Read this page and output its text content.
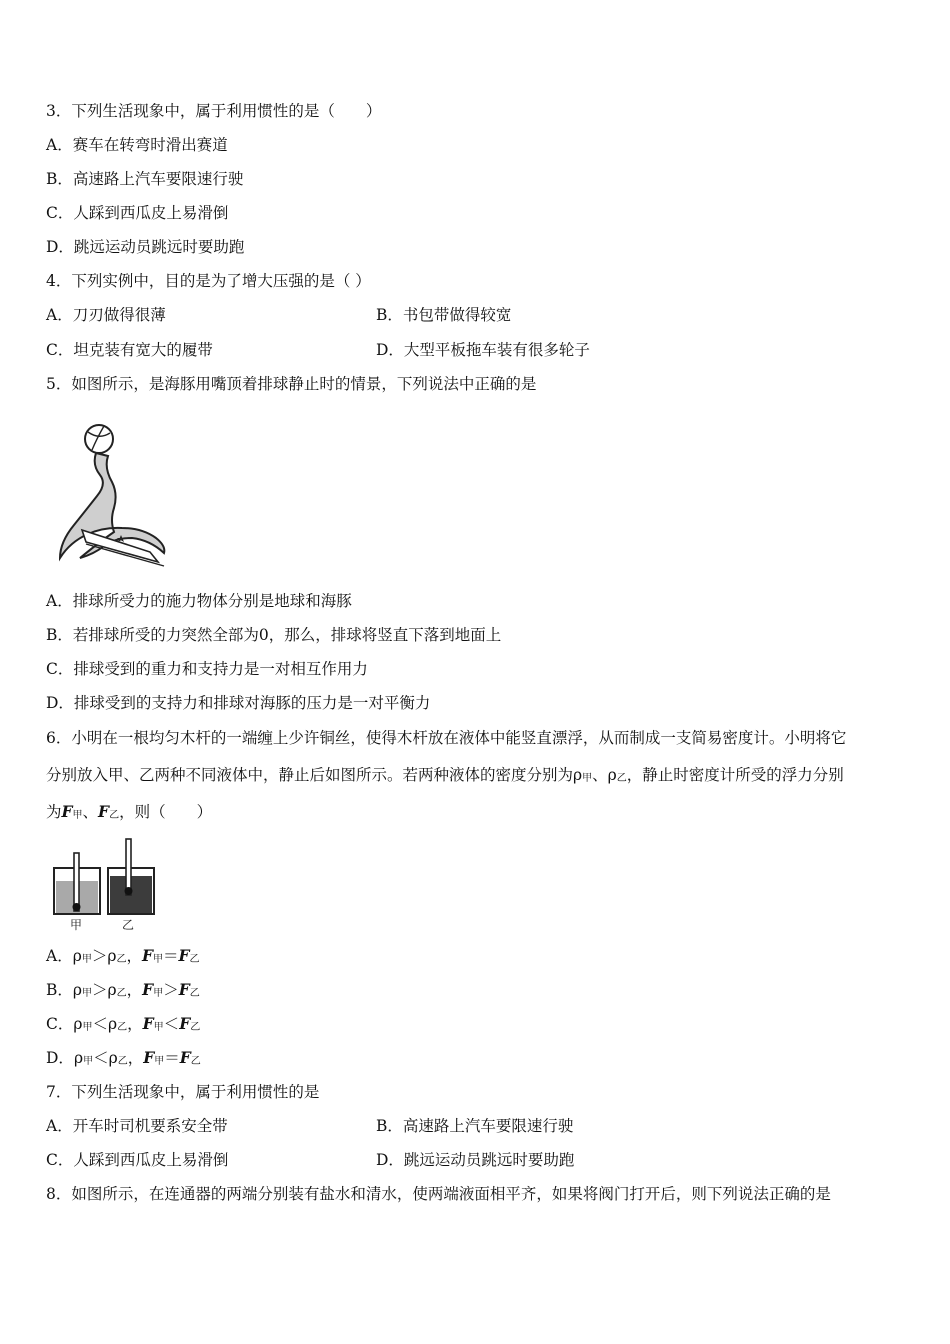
3．下列生活现象中，属于利用惯性的是（　　）
A．赛车在转弯时滑出赛道
B．高速路上汽车要限速行驶
C．人踩到西瓜皮上易滑倒
D．跳远运动员跳远时要助跑
4．下列实例中，目的是为了增大压强的是（ ）
A．刀刃做得很薄	B．书包带做得较宽
C．坦克装有宽大的履带	D．大型平板拖车装有很多轮子
5．如图所示，是海豚用嘴顶着排球静止时的情景，下列说法中正确的是
A．排球所受力的施力物体分别是地球和海豚
B．若排球所受的力突然全部为0，那么，排球将竖直下落到地面上
C．排球受到的重力和支持力是一对相互作用力
D．排球受到的支持力和排球对海豚的压力是一对平衡力
6．小明在一根均匀木杆的一端缠上少许铜丝，使得木杆放在液体中能竖直漂浮，从而制成一支简易密度计。小明将它
分别放入甲、乙两种不同液体中，静止后如图所示。若两种液体的密度分别为ρ甲、ρ乙，静止时密度计所受的浮力分别
为F甲、F乙，则（　　）
甲	乙
A．ρ甲＞ρ乙，F甲＝F乙
B．ρ甲＞ρ乙，F甲＞F乙
C．ρ甲＜ρ乙，F甲＜F乙
D．ρ甲＜ρ乙，F甲＝F乙
7．下列生活现象中，属于利用惯性的是
A．开车时司机要系安全带	B．高速路上汽车要限速行驶
C．人踩到西瓜皮上易滑倒	D．跳远运动员跳远时要助跑
8．如图所示，在连通器的两端分别装有盐水和清水，使两端液面相平齐，如果将阀门打开后，则下列说法正确的是
